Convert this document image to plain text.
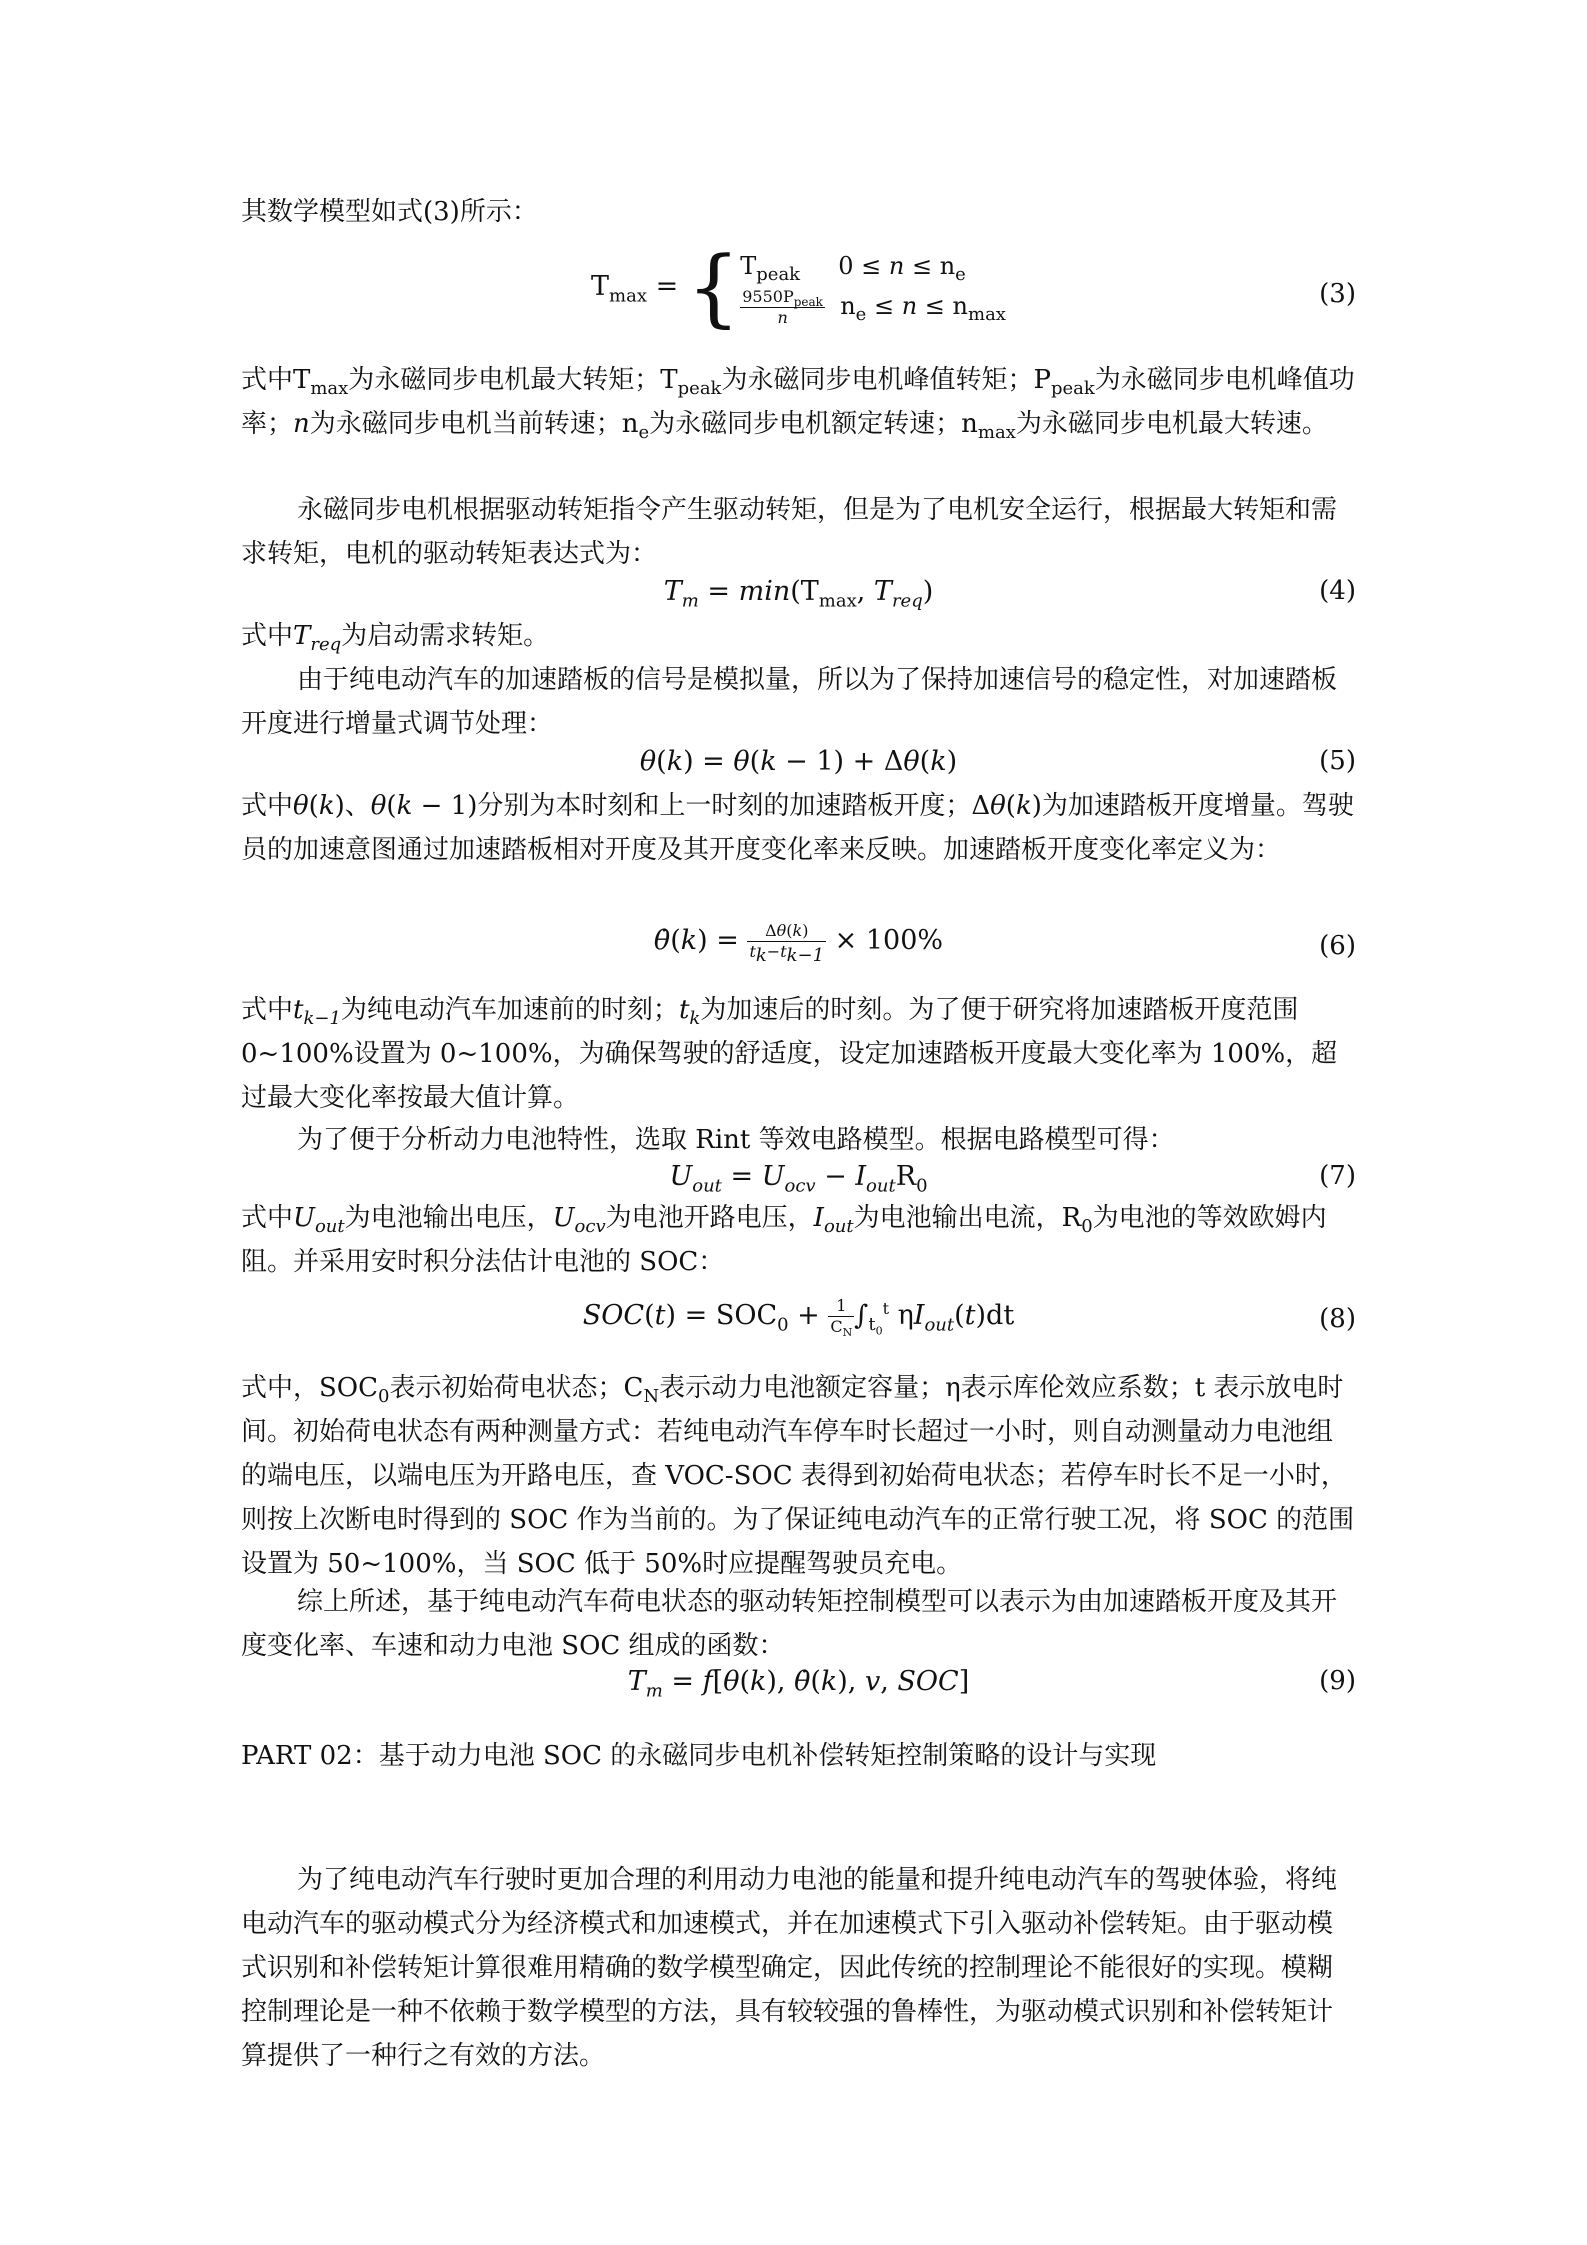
其数学模型如式(3)所示：
$T_{max}$ = { $T_{peak}$     $0 \le n \le n_e$
$\frac{9550P_{peak}}{n} n_e \le n \le n_{max}$
(3)
式中$T_{max}$为永磁同步电机最大转矩；$T_{peak}$为永磁同步电机峰值转矩；$P_{peak}$为永磁同步电机峰值功率；n为永磁同步电机当前转速；$n_e$为永磁同步电机额定转速；$n_{max}$为永磁同步电机最大转速。
永磁同步电机根据驱动转矩指令产生驱动转矩，但是为了电机安全运行，根据最大转矩和需求转矩，电机的驱动转矩表达式为：
$T_m = \min(T_{max}$, $T_{req}$)	(4)
式中$T_{req}$为启动需求转矩。
由于纯电动汽车的加速踏板的信号是模拟量，所以为了保持加速信号的稳定性，对加速踏板开度进行增量式调节处理：
θ(k) = θ(k − 1) + Δθ(k)	(5)
式中θ(k)、θ(k − 1)分别为本时刻和上一时刻的加速踏板开度；Δθ(k)为加速踏板开度增量。驾驶员的加速意图通过加速踏板相对开度及其开度变化率来反映。加速踏板开度变化率定义为：
θ̇(k) = $\frac{\Delta\theta(k)}{t_k-t_{k-1}} \times 100\%$	(6)
式中$t_{k-1}$为纯电动汽车加速前的时刻；$t_k$为加速后的时刻。为了便于研究将加速踏板开度范围 0~100%设置为 0~100%，为确保驾驶的舒适度，设定加速踏板开度最大变化率为 100%，超过最大变化率按最大值计算。
为了便于分析动力电池特性，选取 Rint 等效电路模型。根据电路模型可得：
$U_{out} = U_{ocv} - I_{out}R_0$	(7)
式中$U_{out}$为电池输出电压，$U_{ocv}$为电池开路电压，$I_{out}$为电池输出电流，$R_0$为电池的等效欧姆内阻。并采用安时积分法估计电池的 SOC：
$SOC(t) = SOC_0 + \frac{1}{C_N} \int_{t_0}^t$ $\eta I_{out}(t)dt$	(8)
式中，$SOC_0$表示初始荷电状态；$C_N$表示动力电池额定容量；η表示库伦效应系数；t 表示放电时间。初始荷电状态有两种测量方式：若纯电动汽车停车时长超过一小时，则自动测量动力电池组的端电压，以端电压为开路电压，查 VOC-SOC 表得到初始荷电状态；若停车时长不足一小时，则按上次断电时得到的 SOC 作为当前的。为了保证纯电动汽车的正常行驶工况，将 SOC 的范围设置为 50~100%，当 SOC 低于 50%时应提醒驾驶员充电。
综上所述，基于纯电动汽车荷电状态的驱动转矩控制模型可以表示为由加速踏板开度及其开度变化率、车速和动力电池 SOC 组成的函数：
$T_m = f[\theta(k)$, θ̇(k), v, SOC]	(9)
PART 02：基于动力电池 SOC 的永磁同步电机补偿转矩控制策略的设计与实现
为了纯电动汽车行驶时更加合理的利用动力电池的能量和提升纯电动汽车的驾驶体验，将纯电动汽车的驱动模式分为经济模式和加速模式，并在加速模式下引入驱动补偿转矩。由于驱动模式识别和补偿转矩计算很难用精确的数学模型确定，因此传统的控制理论不能很好的实现。模糊控制理论是一种不依赖于数学模型的方法，具有较较强的鲁棒性，为驱动模式识别和补偿转矩计算提供了一种行之有效的方法。
